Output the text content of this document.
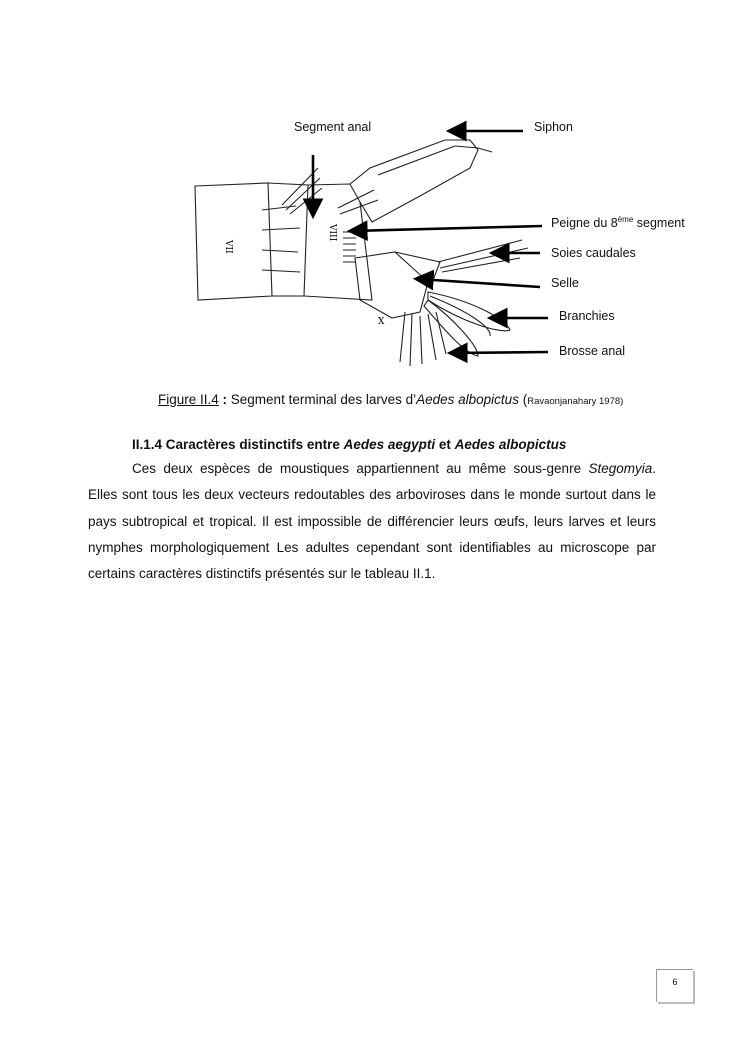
VIII
VII
X
Segment anal	Siphon
Peigne du 8ème segment
Soies caudales
Selle
Branchies
Brosse anal
Figure II.4 : Segment terminal des larves d’Aedes albopictus (Ravaonjanahary 1978)
II.1.4 Caractères distinctifs entre Aedes aegypti et Aedes albopictus

Ces deux espèces de moustiques appartiennent au même sous-genre Stegomyia. Elles sont tous les deux vecteurs redoutables des arboviroses dans le monde surtout dans le pays subtropical et tropical. Il est impossible de différencier leurs œufs, leurs larves et leurs nymphes morphologiquement Les adultes cependant sont identifiables au microscope par certains caractères distinctifs présentés sur le tableau II.1.

6
